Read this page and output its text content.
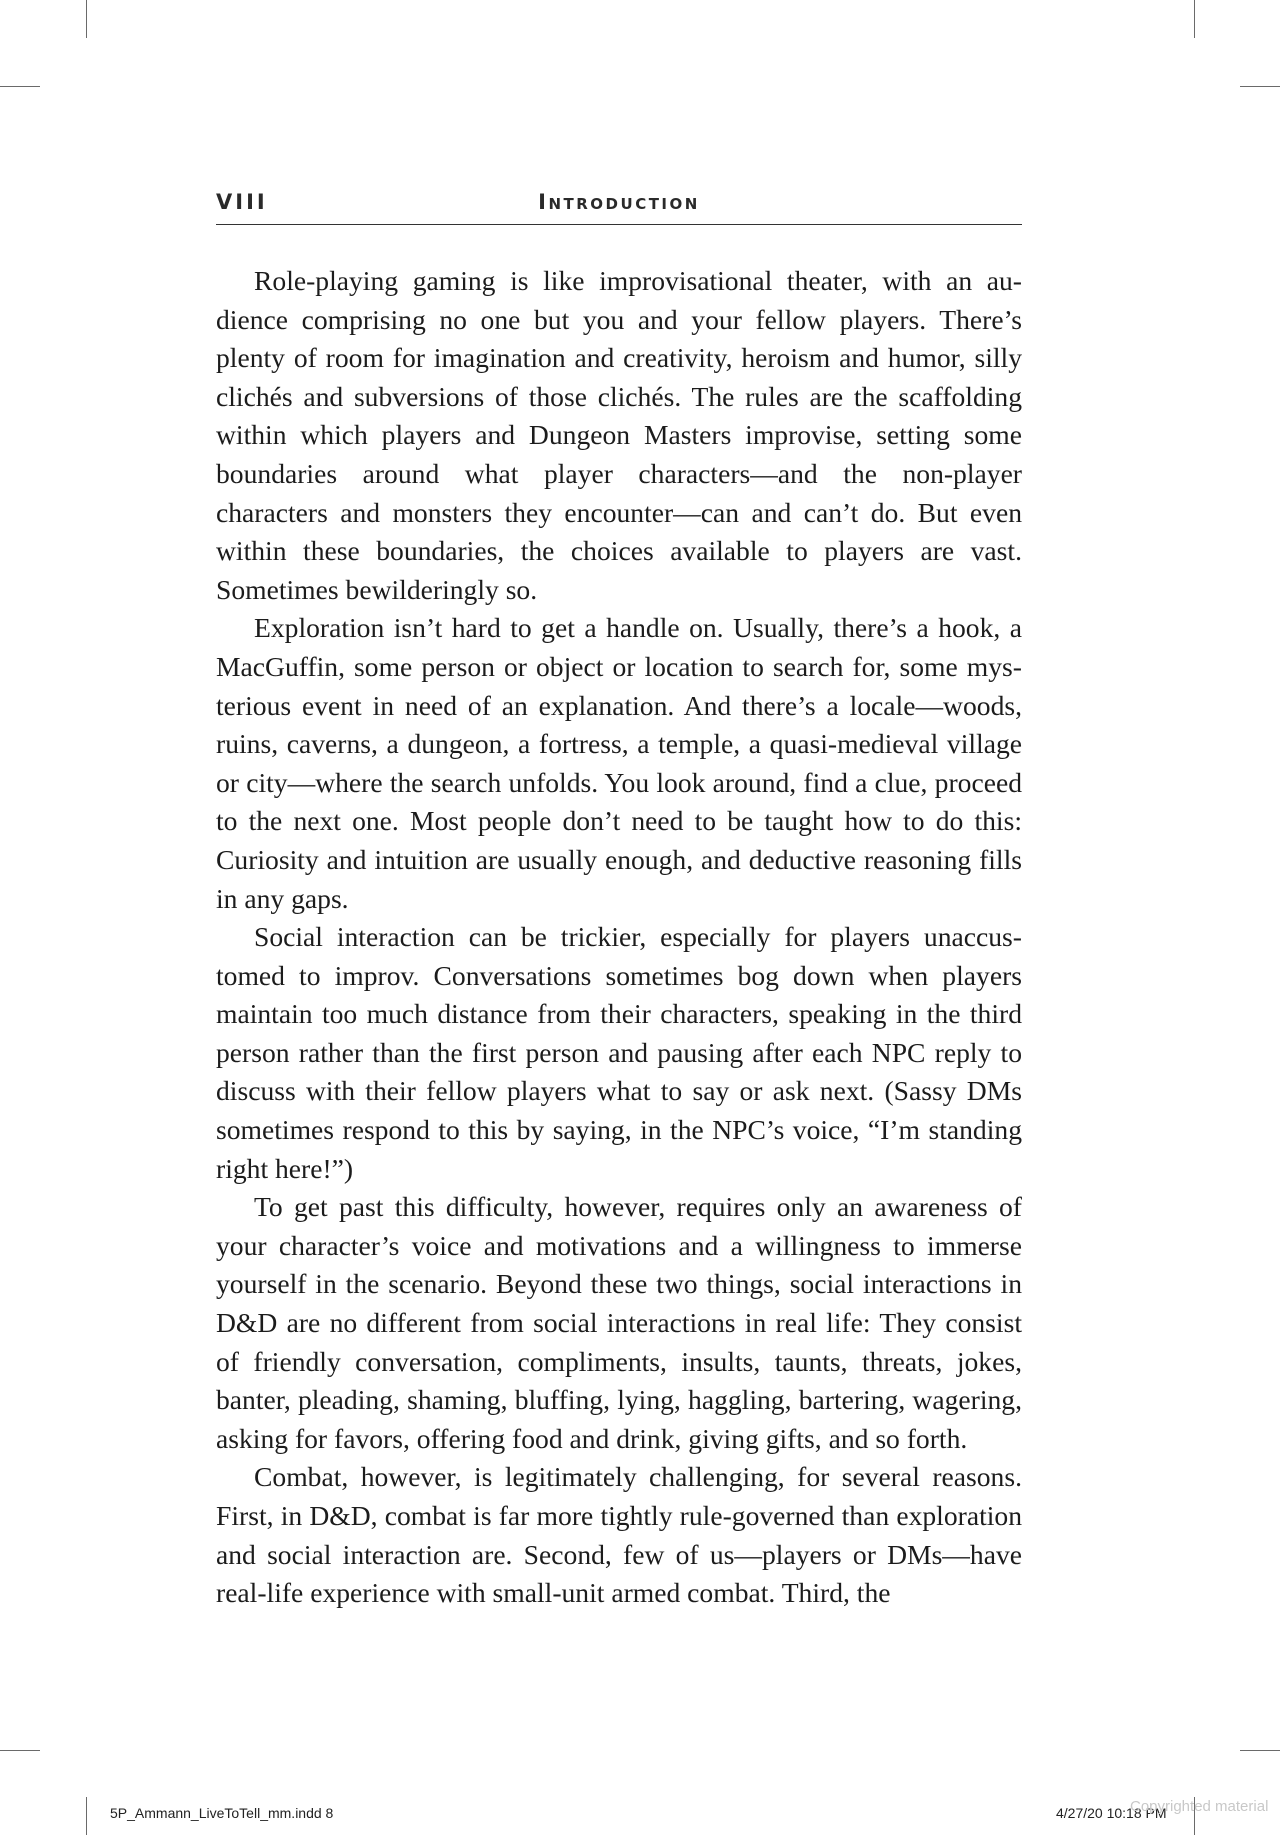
VIII	Introduction

Role-playing gaming is like improvisational theater, with an audience comprising no one but you and your fellow players. There’s plenty of room for imagination and creativity, heroism and humor, silly clichés and subversions of those clichés. The rules are the scaffolding within which players and Dungeon Masters improvise, setting some boundaries around what player characters—and the non-player characters and monsters they encounter—can and can’t do. But even within these boundaries, the choices available to players are vast. Sometimes bewilderingly so.

Exploration isn’t hard to get a handle on. Usually, there’s a hook, a MacGuffin, some person or object or location to search for, some mysterious event in need of an explanation. And there’s a locale—woods, ruins, caverns, a dungeon, a fortress, a temple, a quasi-medieval village or city—where the search unfolds. You look around, find a clue, proceed to the next one. Most people don’t need to be taught how to do this: Curiosity and intuition are usually enough, and deductive reasoning fills in any gaps.

Social interaction can be trickier, especially for players unaccustomed to improv. Conversations sometimes bog down when players maintain too much distance from their characters, speaking in the third person rather than the first person and pausing after each NPC reply to discuss with their fellow players what to say or ask next. (Sassy DMs sometimes respond to this by saying, in the NPC’s voice, “I’m standing right here!”)

To get past this difficulty, however, requires only an awareness of your character’s voice and motivations and a willingness to immerse yourself in the scenario. Beyond these two things, social interactions in D&D are no different from social interactions in real life: They consist of friendly conversation, compliments, insults, taunts, threats, jokes, banter, pleading, shaming, bluffing, lying, haggling, bartering, wagering, asking for favors, offering food and drink, giving gifts, and so forth.

Combat, however, is legitimately challenging, for several reasons. First, in D&D, combat is far more tightly rule-governed than exploration and social interaction are. Second, few of us—players or DMs—have real-life experience with small-unit armed combat. Third, the

5P_Ammann_LiveToTell_mm.indd 8	4/27/20 10:18 PM
Copyrighted material
